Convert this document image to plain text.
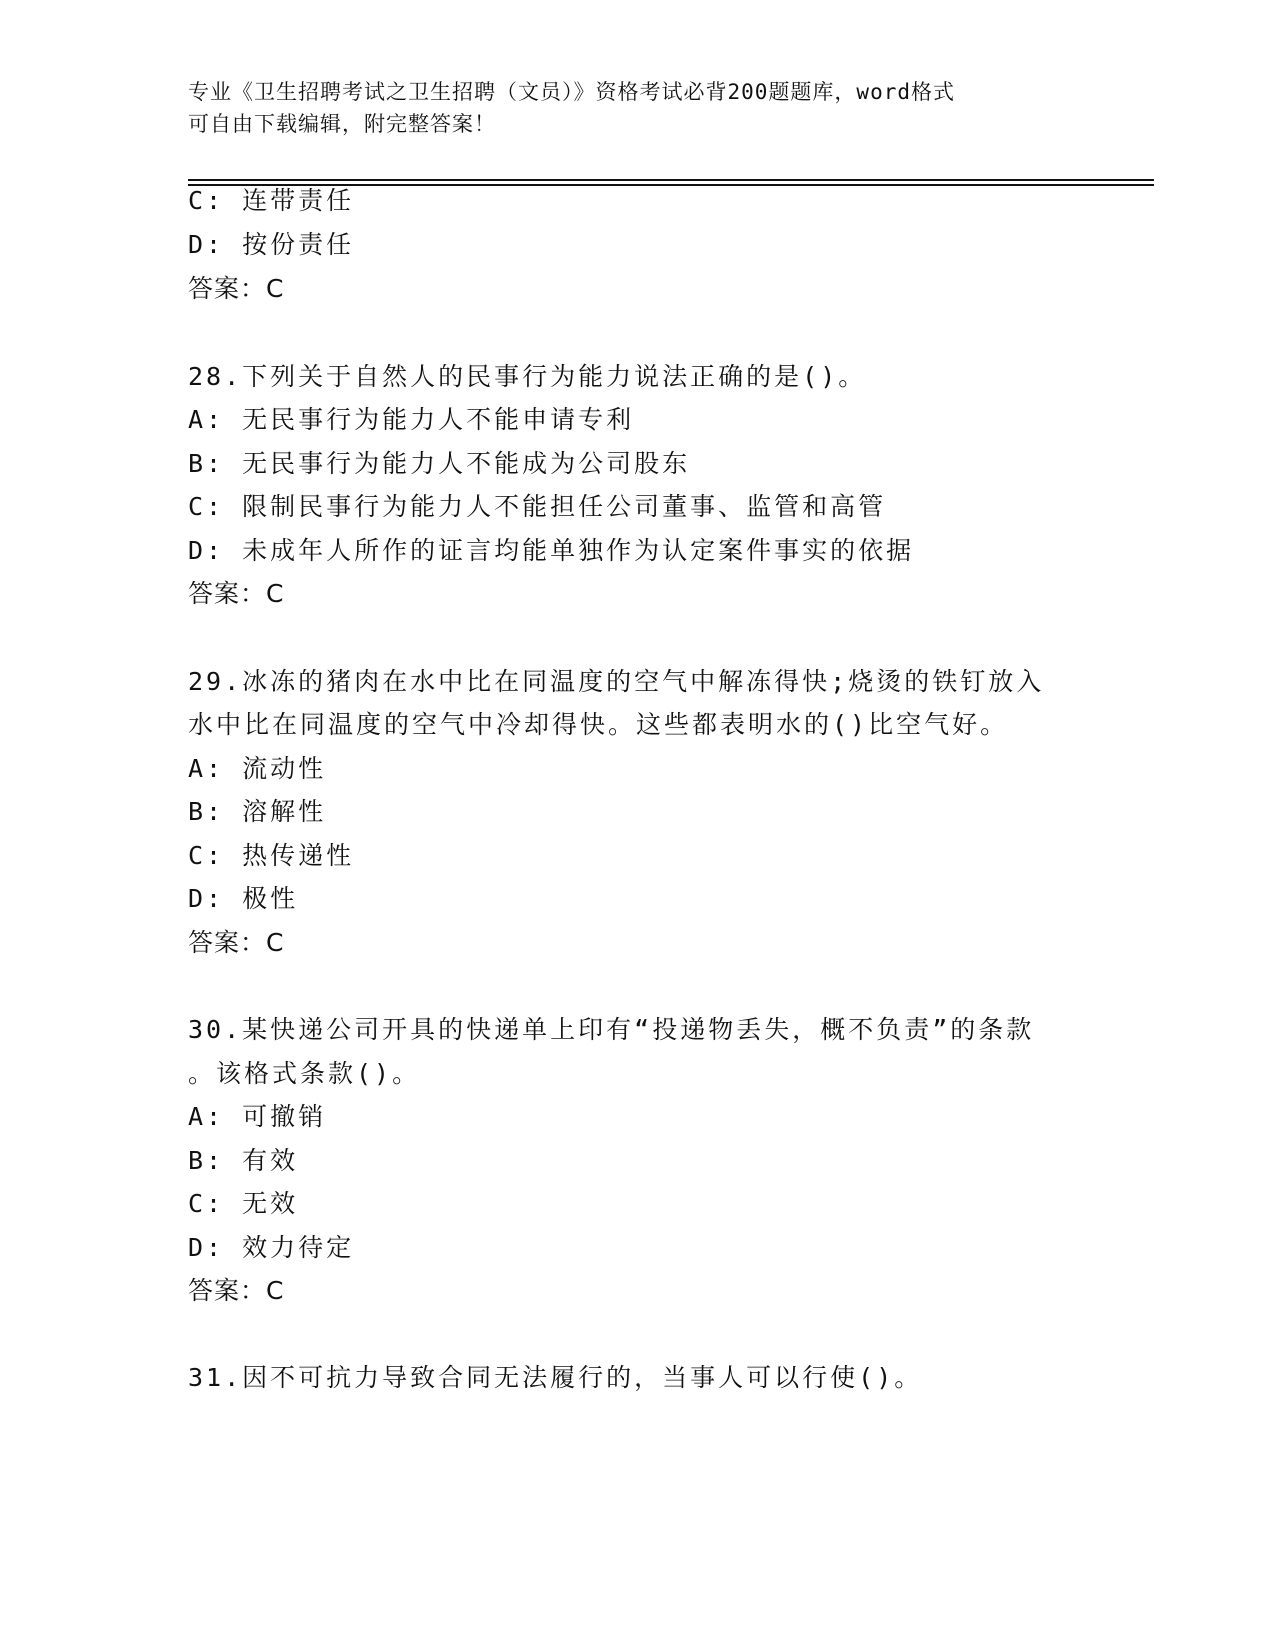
专业《卫生招聘考试之卫生招聘（文员）》资格考试必背200题题库，word格式
可自由下载编辑，附完整答案！
C: 连带责任
D: 按份责任
答案：C
28.下列关于自然人的民事行为能力说法正确的是()。
A: 无民事行为能力人不能申请专利
B: 无民事行为能力人不能成为公司股东
C: 限制民事行为能力人不能担任公司董事、监管和高管
D: 未成年人所作的证言均能单独作为认定案件事实的依据
答案：C
29.冰冻的猪肉在水中比在同温度的空气中解冻得快;烧烫的铁钉放入
水中比在同温度的空气中冷却得快。这些都表明水的()比空气好。
A: 流动性
B: 溶解性
C: 热传递性
D: 极性
答案：C
30.某快递公司开具的快递单上印有“投递物丢失，概不负责”的条款
。该格式条款()。
A: 可撤销
B: 有效
C: 无效
D: 效力待定
答案：C
31.因不可抗力导致合同无法履行的，当事人可以行使()。
